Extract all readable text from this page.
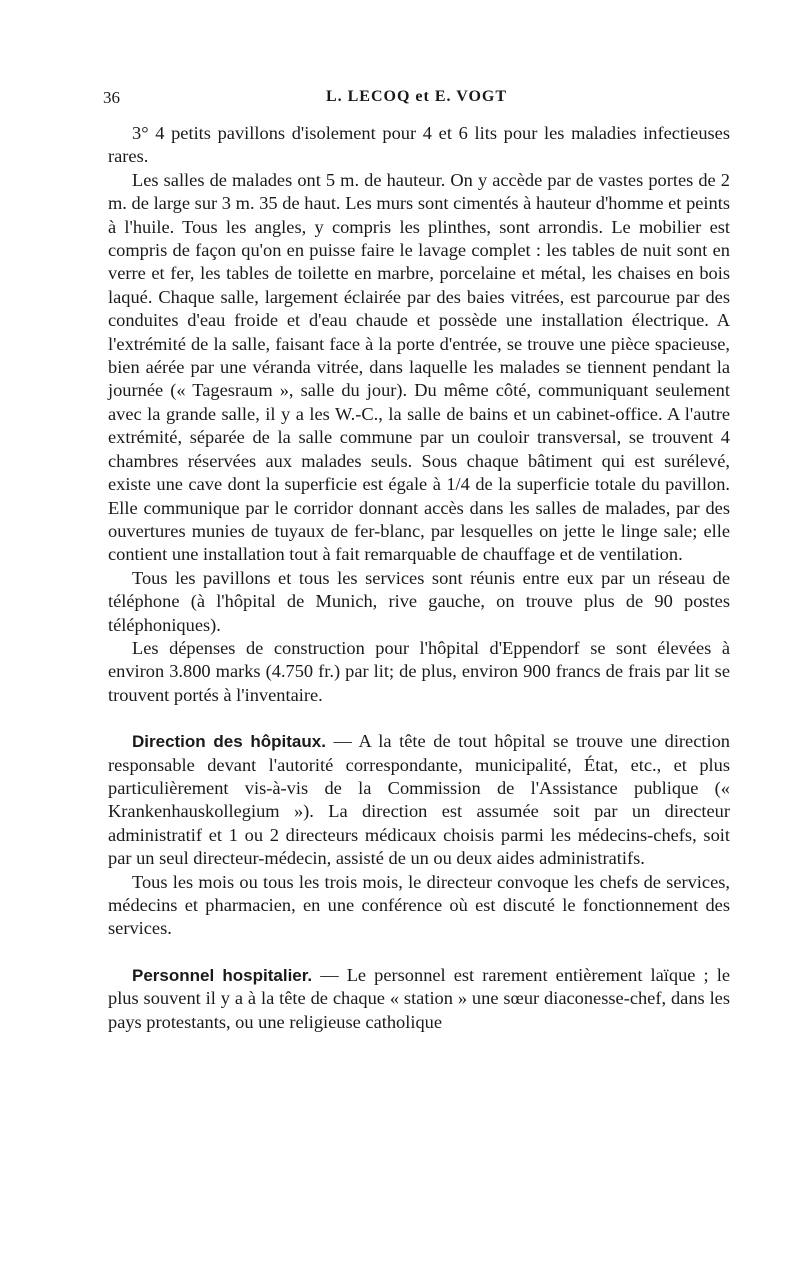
36	L. LECOQ et E. VOGT

3° 4 petits pavillons d'isolement pour 4 et 6 lits pour les maladies infectieuses rares.

Les salles de malades ont 5 m. de hauteur. On y accède par de vastes portes de 2 m. de large sur 3 m. 35 de haut. Les murs sont cimentés à hauteur d'homme et peints à l'huile. Tous les angles, y compris les plinthes, sont arrondis. Le mobilier est compris de façon qu'on en puisse faire le lavage complet : les tables de nuit sont en verre et fer, les tables de toilette en marbre, porcelaine et métal, les chaises en bois laqué. Chaque salle, largement éclairée par des baies vitrées, est parcourue par des conduites d'eau froide et d'eau chaude et possède une installation électrique. A l'extrémité de la salle, faisant face à la porte d'entrée, se trouve une pièce spacieuse, bien aérée par une véranda vitrée, dans laquelle les malades se tiennent pendant la journée (« Tagesraum », salle du jour). Du même côté, communiquant seulement avec la grande salle, il y a les W.-C., la salle de bains et un cabinet-office. A l'autre extrémité, séparée de la salle commune par un couloir transversal, se trouvent 4 chambres réservées aux malades seuls. Sous chaque bâtiment qui est surélevé, existe une cave dont la superficie est égale à 1/4 de la superficie totale du pavillon. Elle communique par le corridor donnant accès dans les salles de malades, par des ouvertures munies de tuyaux de fer-blanc, par lesquelles on jette le linge sale; elle contient une installation tout à fait remarquable de chauffage et de ventilation.

Tous les pavillons et tous les services sont réunis entre eux par un réseau de téléphone (à l'hôpital de Munich, rive gauche, on trouve plus de 90 postes téléphoniques).

Les dépenses de construction pour l'hôpital d'Eppendorf se sont élevées à environ 3.800 marks (4.750 fr.) par lit; de plus, environ 900 francs de frais par lit se trouvent portés à l'inventaire.

Direction des hôpitaux. — A la tête de tout hôpital se trouve une direction responsable devant l'autorité correspondante, municipalité, État, etc., et plus particulièrement vis-à-vis de la Commission de l'Assistance publique (« Krankenhauskollegium »). La direction est assumée soit par un directeur administratif et 1 ou 2 directeurs médicaux choisis parmi les médecins-chefs, soit par un seul directeur-médecin, assisté de un ou deux aides administratifs.

Tous les mois ou tous les trois mois, le directeur convoque les chefs de services, médecins et pharmacien, en une conférence où est discuté le fonctionnement des services.

Personnel hospitalier. — Le personnel est rarement entièrement laïque ; le plus souvent il y a à la tête de chaque « station » une sœur diaconesse-chef, dans les pays protestants, ou une religieuse catholique
